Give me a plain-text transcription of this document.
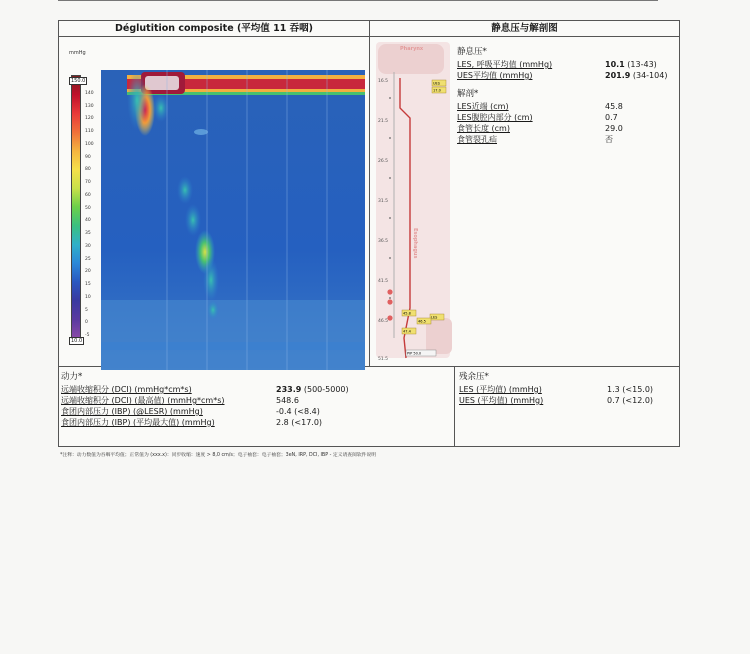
Déglutition composite (平均值 11 吞咽)	静息压与解剖图
mmHg
150.0
10.0
140
130
120
110
100
90
80
70
60
50
40
35
30
25
20
15
10
5
0
-5
Pharynx
Esophagus
16.5
21.5
26.5
31.5
36.5
41.5
46.5
51.5
UES
17.0
45.8
LES
46.5
47.4
PIP 50.0
静息压*
LES, 呼吸平均值 (mmHg)	10.1 (13-43)
UES平均值 (mmHg)	201.9 (34-104)
解剖*
LES近端 (cm)	45.8
LES腹腔内部分 (cm)	0.7
食管长度 (cm)	29.0
食管裂孔疝	否
动力*
远端收缩积分 (DCI) (mmHg*cm*s)	233.9 (500-5000)
远端收缩积分 (DCI) (最高值) (mmHg*cm*s)	548.6
食团内部压力 (IBP) (@LESR) (mmHg)	-0.4 (<8.4)
食团内部压力 (IBP) (平均最大值) (mmHg)	2.8 (<17.0)
残余压*
LES (平均值) (mmHg)	1.3 (<15.0)
UES (平均值) (mmHg)	0.7 (<12.0)
*注释：动力数值为吞咽平均值；正常值为 (xxx.x)：同步收缩：速度 > 8,0 cm/s；电子袖套：电子袖套；3eN, IRP, DCI, IBP - 定义请查阅软件说明
